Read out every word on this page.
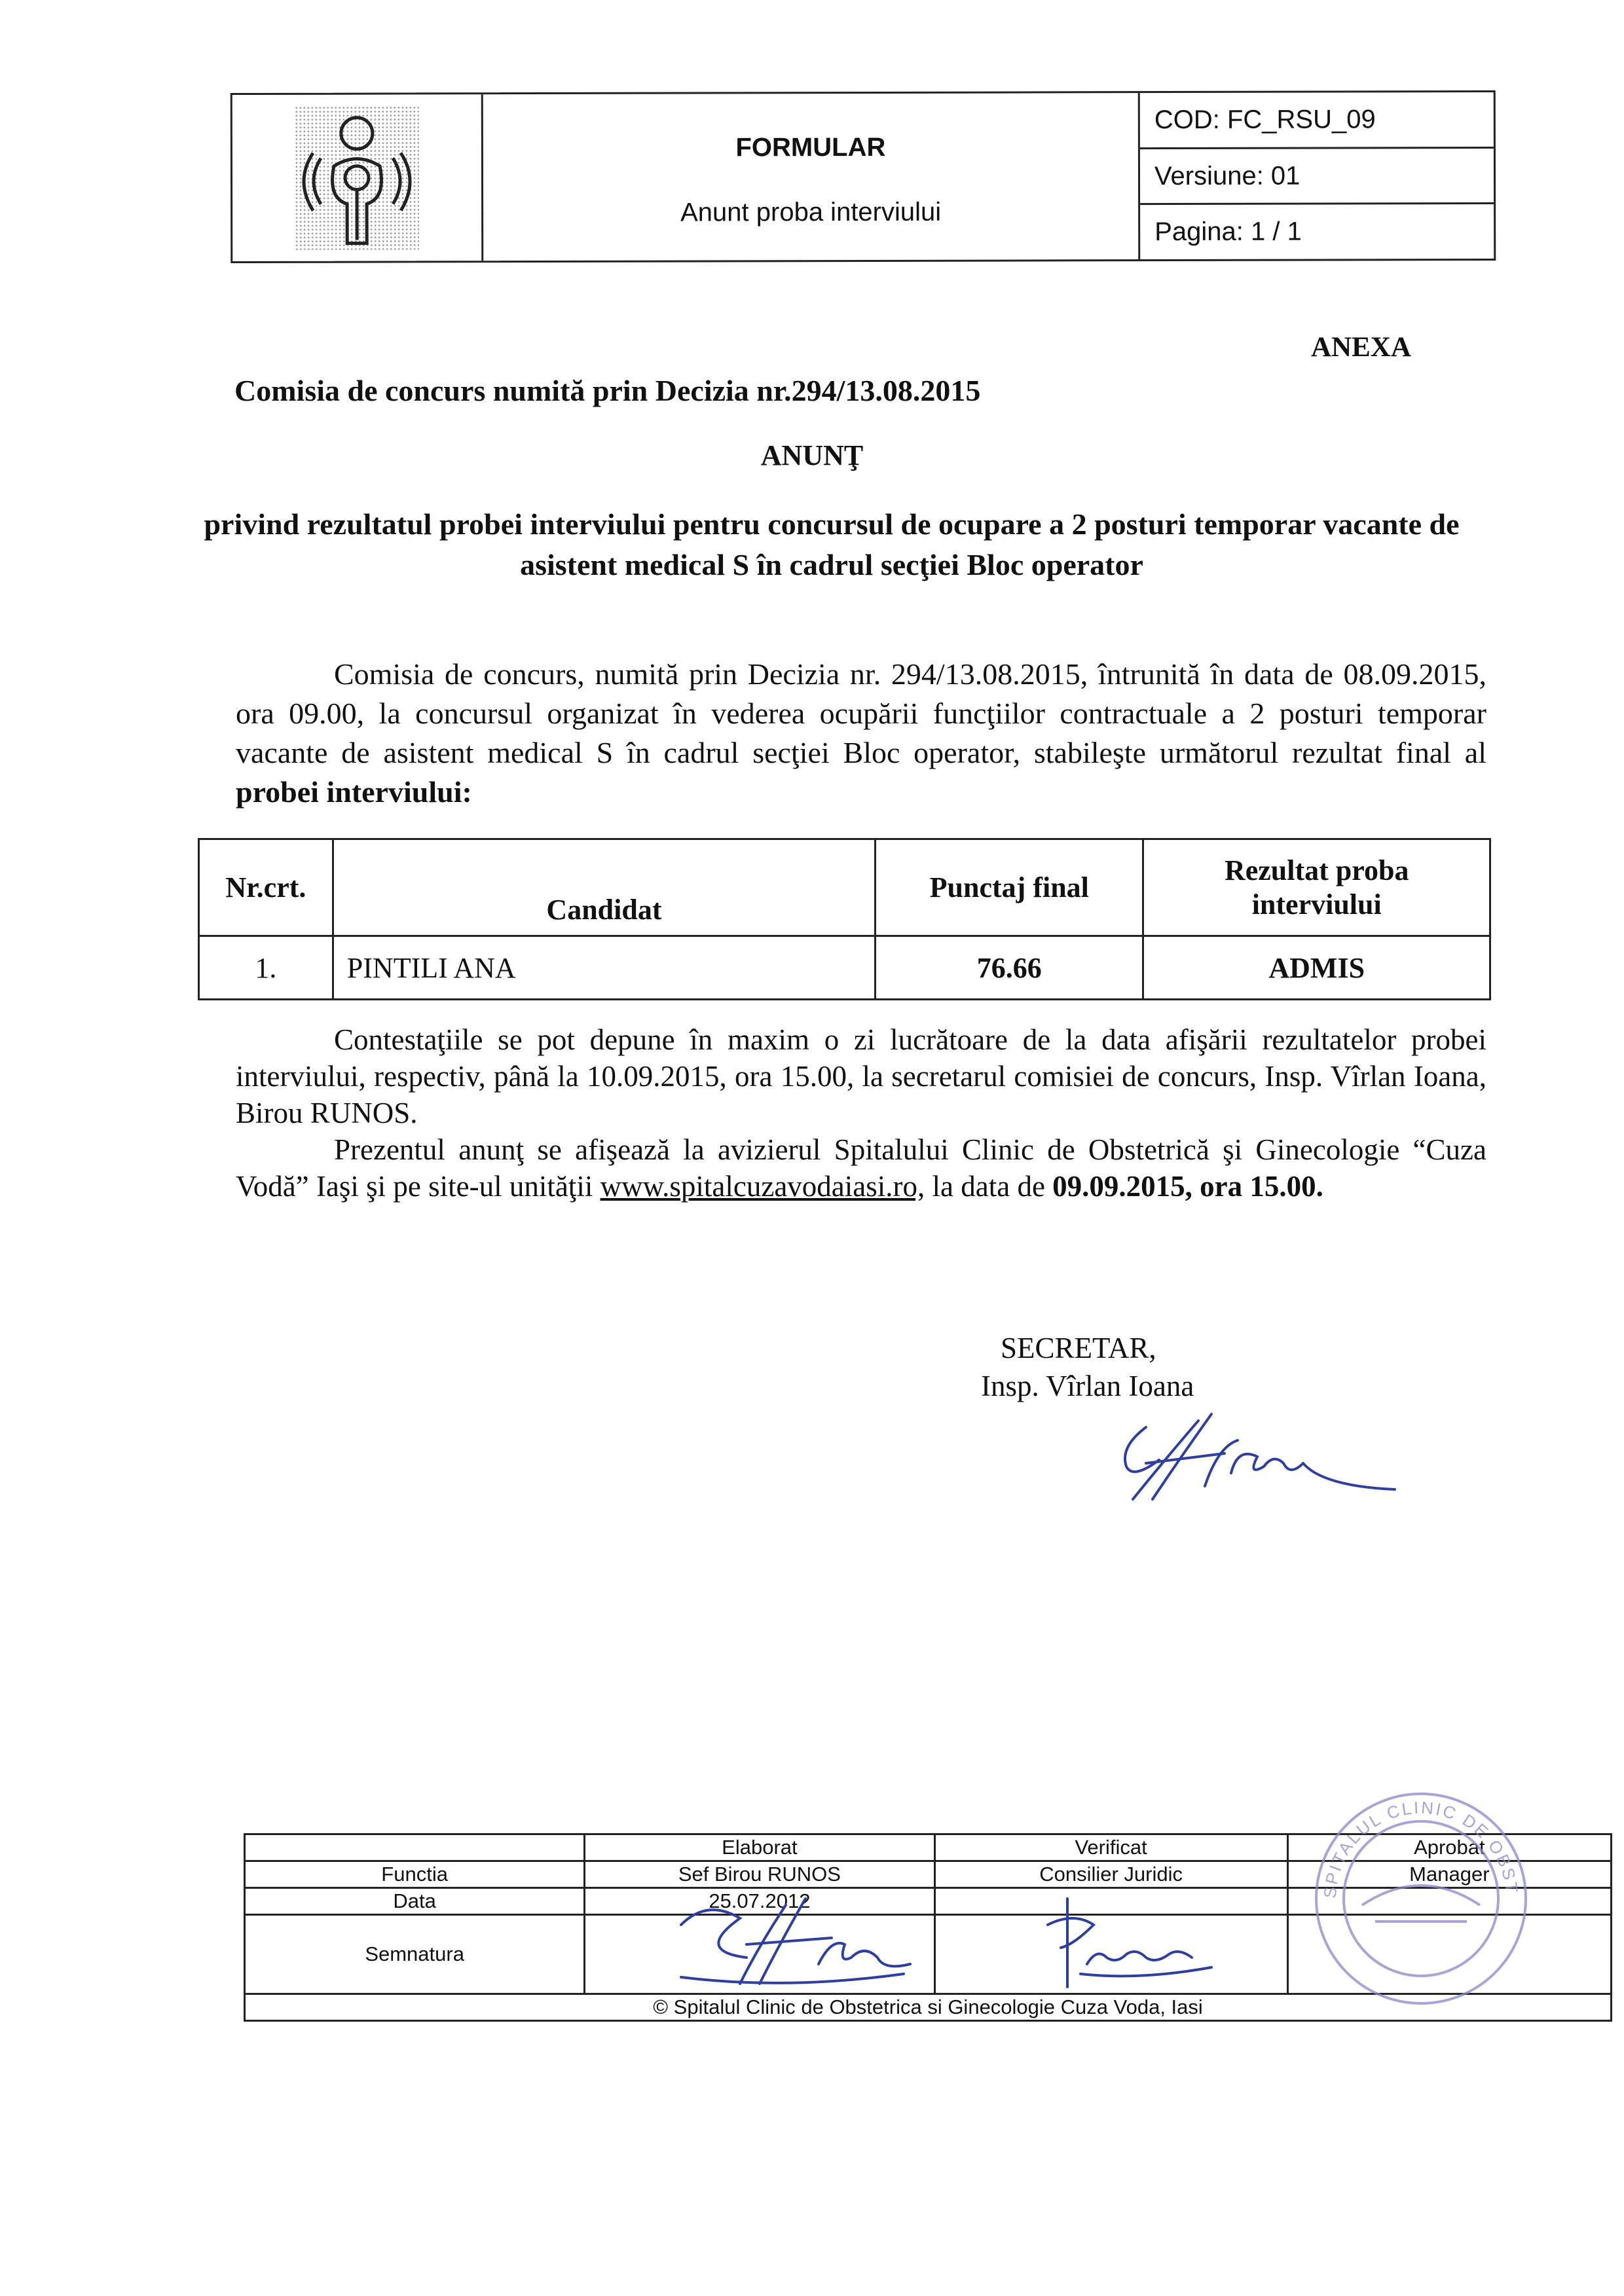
FORMULAR
Anunt proba interviului
COD: FC_RSU_09
Versiune: 01
Pagina: 1 / 1
ANEXA
Comisia de concurs numită prin Decizia nr.294/13.08.2015
ANUNŢ
privind rezultatul probei interviului pentru concursul de ocupare a 2 posturi temporar vacante de asistent medical S în cadrul secţiei Bloc operator
Comisia de concurs, numită prin Decizia nr. 294/13.08.2015, întrunită în data de 08.09.2015, ora 09.00, la concursul organizat în vederea ocupării funcţiilor contractuale a 2 posturi temporar vacante de asistent medical S în cadrul secţiei Bloc operator, stabileşte următorul rezultat final al probei interviului:
Nr.crt.	Candidat	Punctaj final	Rezultat proba interviului
1.	PINTILI ANA	76.66	ADMIS

Contestaţiile se pot depune în maxim o zi lucrătoare de la data afişării rezultatelor probei interviului, respectiv, până la 10.09.2015, ora 15.00, la secretarul comisiei de concurs, Insp. Vîrlan Ioana, Birou RUNOS.

Prezentul anunţ se afişează la avizierul Spitalului Clinic de Obstetrică şi Ginecologie “Cuza Vodă” Iaşi şi pe site-ul unităţii www.spitalcuzavodaiasi.ro, la data de 09.09.2015, ora 15.00.

SECRETAR,
Insp. Vîrlan Ioana
	Elaborat	Verificat	Aprobat
Functia	Sef Birou RUNOS	Consilier Juridic	Manager
Data	25.07.2012		
Semnatura			
© Spitalul Clinic de Obstetrica si Ginecologie Cuza Voda, Iasi			
SPITALUL CLINIC DE OBSTETRICA SI GINECOLOGIE
